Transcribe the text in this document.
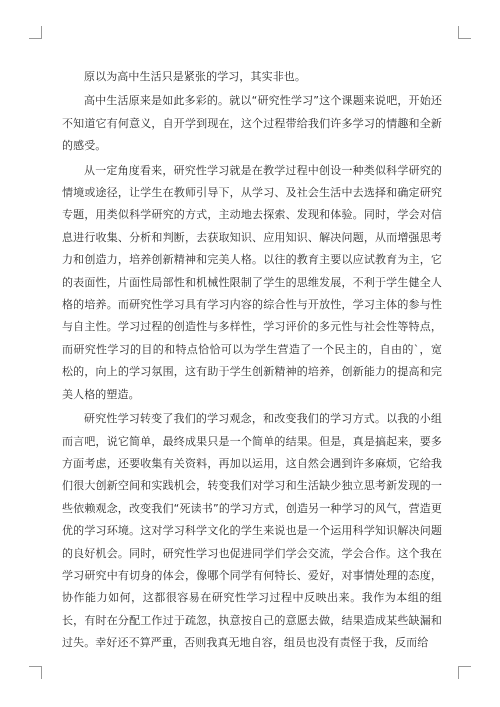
原以为高中生活只是紧张的学习，其实非也。

高中生活原来是如此多彩的。就以“研究性学习”这个课题来说吧，开始还不知道它有何意义，自开学到现在，这个过程带给我们许多学习的情趣和全新的感受。

从一定角度看来，研究性学习就是在教学过程中创设一种类似科学研究的情境或途径，让学生在教师引导下，从学习、及社会生活中去选择和确定研究专题，用类似科学研究的方式，主动地去探索、发现和体验。同时，学会对信息进行收集、分析和判断，去获取知识、应用知识、解决问题，从而增强思考力和创造力，培养创新精神和完美人格。以往的教育主要以应试教育为主，它的表面性，片面性局部性和机械性限制了学生的思维发展，不利于学生健全人格的培养。而研究性学习具有学习内容的综合性与开放性，学习主体的参与性与自主性。学习过程的创造性与多样性，学习评价的多元性与社会性等特点，而研究性学习的目的和特点恰恰可以为学生营造了一个民主的，自由的`，宽松的，向上的学习氛围，这有助于学生创新精神的培养，创新能力的提高和完美人格的塑造。

研究性学习转变了我们的学习观念，和改变我们的学习方式。以我的小组而言吧，说它简单，最终成果只是一个简单的结果。但是，真是搞起来，要多方面考虑，还要收集有关资料，再加以运用，这自然会遇到许多麻烦，它给我们很大创新空间和实践机会，转变我们对学习和生活缺少独立思考新发现的一些依赖观念，改变我们“死读书”的学习方式，创造另一种学习的风气，营造更优的学习环境。这对学习科学文化的学生来说也是一个运用科学知识解决问题的良好机会。同时，研究性学习也促进同学们学会交流，学会合作。这个我在学习研究中有切身的体会，像哪个同学有何特长、爱好，对事情处理的态度，协作能力如何，这都很容易在研究性学习过程中反映出来。我作为本组的组长，有时在分配工作过于疏忽，执意按自己的意愿去做，结果造成某些缺漏和过失。幸好还不算严重，否则我真无地自容，组员也没有责怪于我，反而给
